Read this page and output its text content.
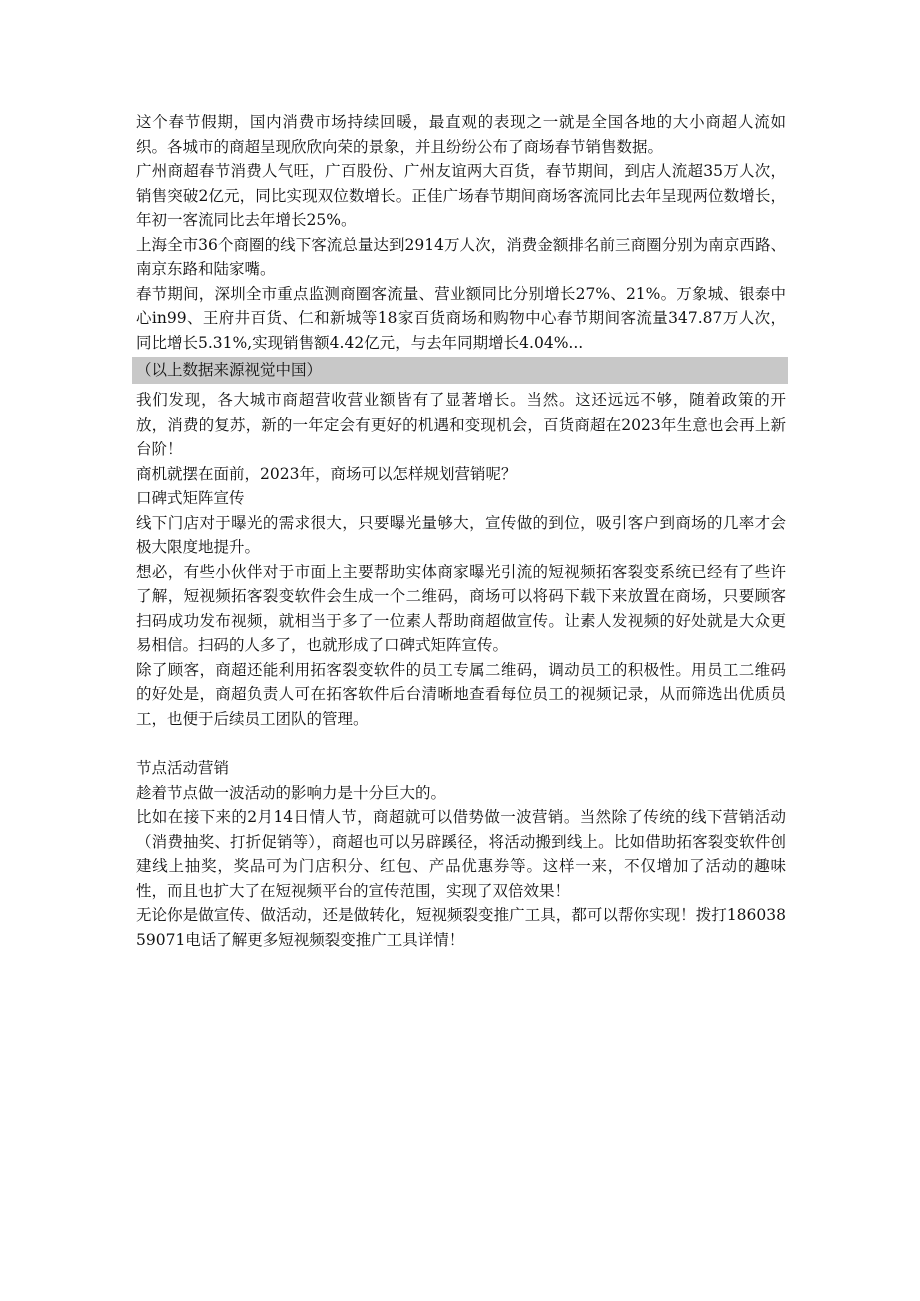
这个春节假期，国内消费市场持续回暖，最直观的表现之一就是全国各地的大小商超人流如织。各城市的商超呈现欣欣向荣的景象，并且纷纷公布了商场春节销售数据。

广州商超春节消费人气旺，广百股份、广州友谊两大百货，春节期间，到店人流超35万人次，销售突破2亿元，同比实现双位数增长。正佳广场春节期间商场客流同比去年呈现两位数增长，年初一客流同比去年增长25%。

上海全市36个商圈的线下客流总量达到2914万人次，消费金额排名前三商圈分别为南京西路、南京东路和陆家嘴。

春节期间，深圳全市重点监测商圈客流量、营业额同比分别增长27%、21%。万象城、银泰中心in99、王府井百货、仁和新城等18家百货商场和购物中心春节期间客流量347.87万人次，同比增长5.31%,实现销售额4.42亿元，与去年同期增长4.04%...

（以上数据来源视觉中国）

我们发现，各大城市商超营收营业额皆有了显著增长。当然。这还远远不够，随着政策的开放，消费的复苏，新的一年定会有更好的机遇和变现机会，百货商超在2023年生意也会再上新台阶！

商机就摆在面前，2023年，商场可以怎样规划营销呢？

口碑式矩阵宣传

线下门店对于曝光的需求很大，只要曝光量够大，宣传做的到位，吸引客户到商场的几率才会极大限度地提升。

想必，有些小伙伴对于市面上主要帮助实体商家曝光引流的短视频拓客裂变系统已经有了些许了解，短视频拓客裂变软件会生成一个二维码，商场可以将码下载下来放置在商场，只要顾客扫码成功发布视频，就相当于多了一位素人帮助商超做宣传。让素人发视频的好处就是大众更易相信。扫码的人多了，也就形成了口碑式矩阵宣传。

除了顾客，商超还能利用拓客裂变软件的员工专属二维码，调动员工的积极性。用员工二维码的好处是，商超负责人可在拓客软件后台清晰地查看每位员工的视频记录，从而筛选出优质员工，也便于后续员工团队的管理。

节点活动营销

趁着节点做一波活动的影响力是十分巨大的。

比如在接下来的2月14日情人节，商超就可以借势做一波营销。当然除了传统的线下营销活动（消费抽奖、打折促销等），商超也可以另辟蹊径，将活动搬到线上。比如借助拓客裂变软件创建线上抽奖，奖品可为门店积分、红包、产品优惠券等。这样一来，不仅增加了活动的趣味性，而且也扩大了在短视频平台的宣传范围，实现了双倍效果！

无论你是做宣传、做活动，还是做转化，短视频裂变推广工具，都可以帮你实现！拨打18603859071电话了解更多短视频裂变推广工具详情！
